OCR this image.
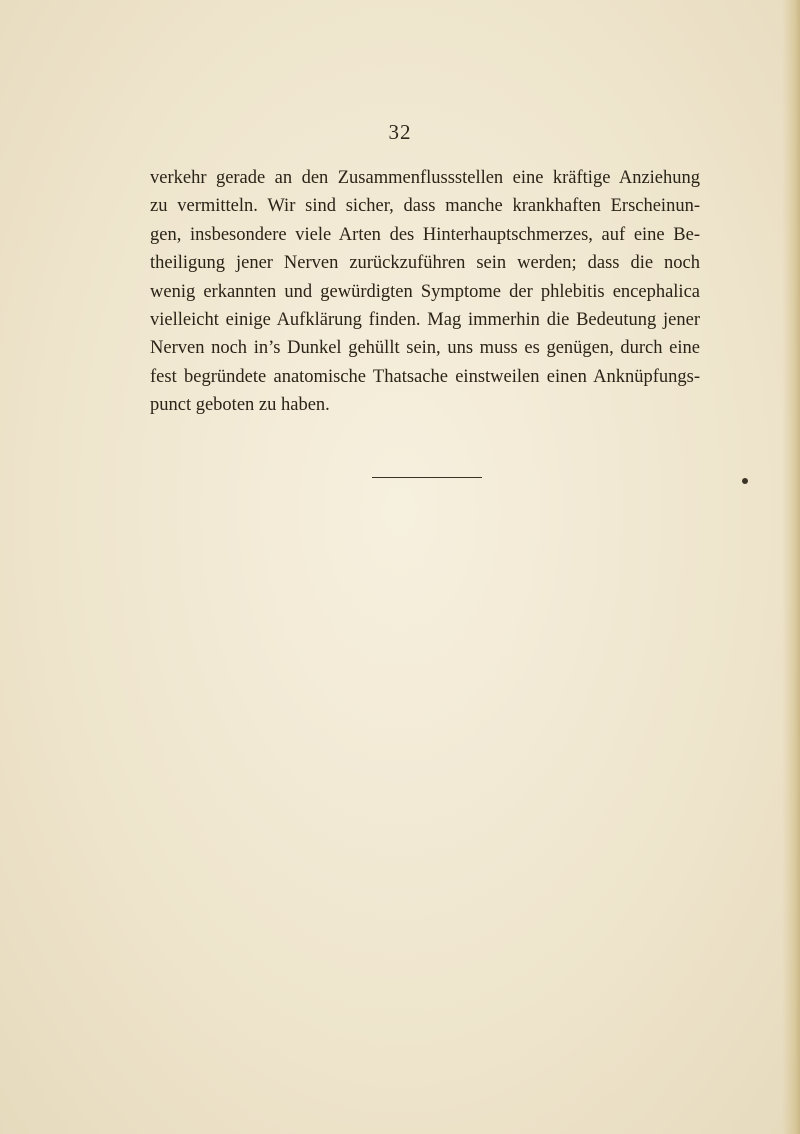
32
verkehr gerade an den Zusammenflussstellen eine kräftige Anziehung
zu vermitteln. Wir sind sicher, dass manche krankhaften Erscheinun-
gen, insbesondere viele Arten des Hinterhauptschmerzes, auf eine Be-
theiligung jener Nerven zurückzuführen sein werden; dass die noch
wenig erkannten und gewürdigten Symptome der phlebitis encephalica
vielleicht einige Aufklärung finden. Mag immerhin die Bedeutung jener
Nerven noch in’s Dunkel gehüllt sein, uns muss es genügen, durch eine
fest begründete anatomische Thatsache einstweilen einen Anknüpfungs-
punct geboten zu haben.
